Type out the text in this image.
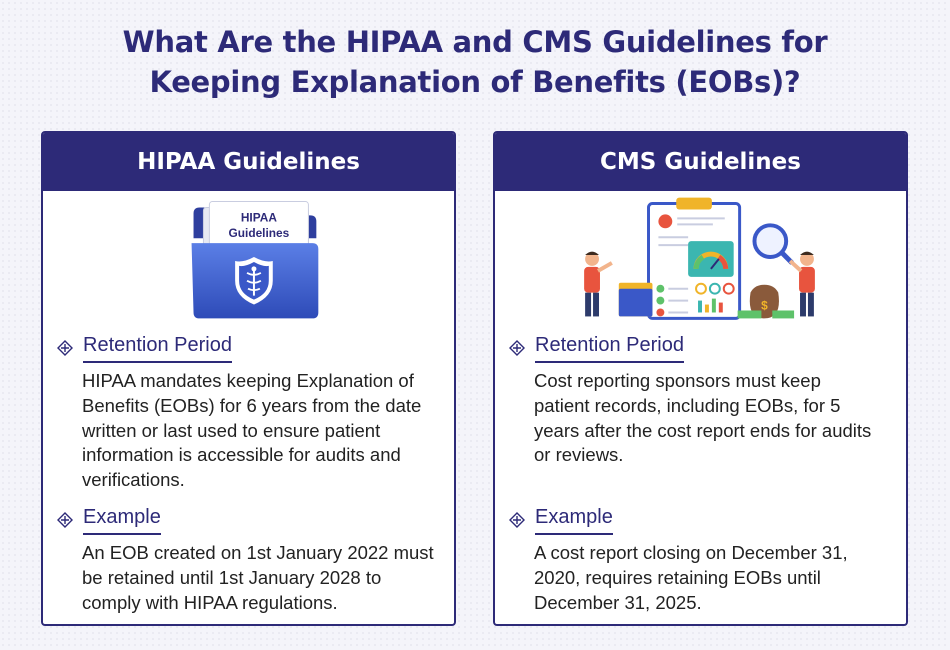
What Are the HIPAA and CMS Guidelines for
Keeping Explanation of Benefits (EOBs)?
HIPAA Guidelines
HIPAA
Guidelines
Retention Period
HIPAA mandates keeping Explanation of Benefits (EOBs) for 6 years from the date written or last used to ensure patient information is accessible for audits and verifications.
Example
An EOB created on 1st January 2022 must be retained until 1st January 2028 to comply with HIPAA regulations.
CMS Guidelines
$
Retention Period
Cost reporting sponsors must keep patient records, including EOBs, for 5 years after the cost report ends for audits or reviews.
Example
A cost report closing on December 31, 2020, requires retaining EOBs until December 31, 2025.
